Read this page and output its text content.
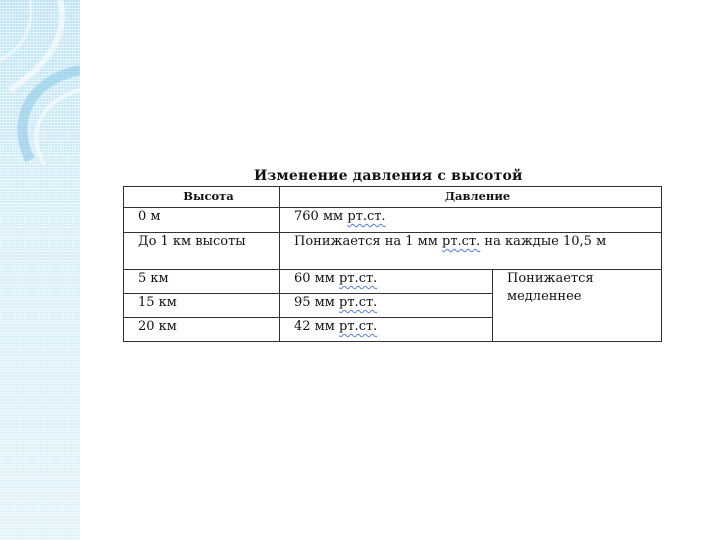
Изменение давления с высотой
Высота	Давление	
0 м	760 мм рт.ст.	
До 1 км высоты	Понижается на 1 мм рт.ст. на каждые 10,5 м	
5 км	60 мм рт.ст.	Понижается медленнее
15 км	95 мм рт.ст.	
20 км	42 мм рт.ст.	
